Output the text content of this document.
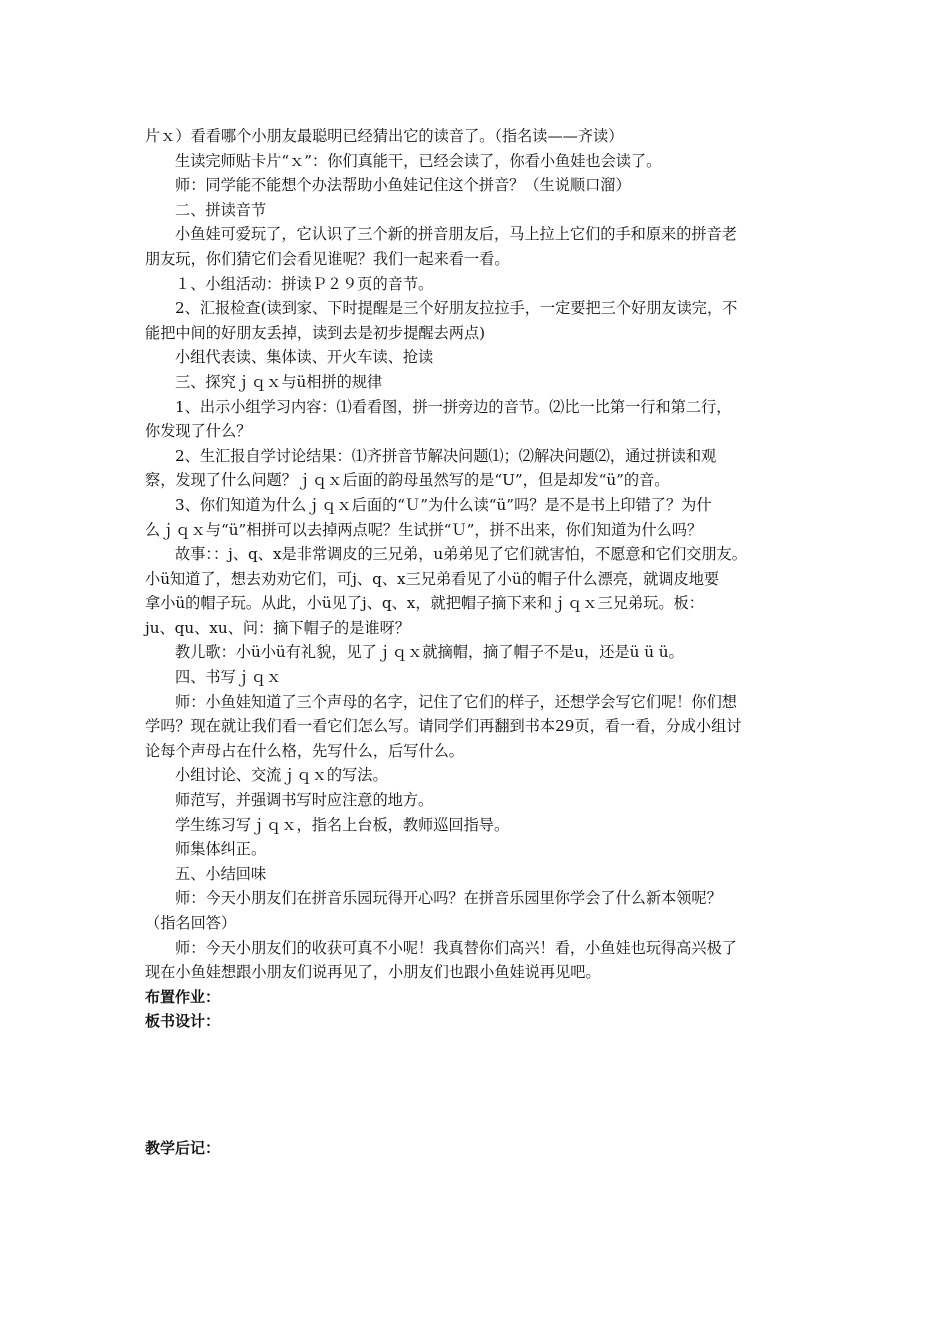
片ｘ）看看哪个小朋友最聪明已经猜出它的读音了。（指名读——齐读）

生读完师贴卡片“ｘ”：你们真能干，已经会读了，你看小鱼娃也会读了。

师：同学能不能想个办法帮助小鱼娃记住这个拼音？（生说顺口溜）

二、拼读音节

小鱼娃可爱玩了，它认识了三个新的拼音朋友后，马上拉上它们的手和原来的拼音老

朋友玩，你们猜它们会看见谁呢？我们一起来看一看。

１、小组活动：拼读Ｐ２９页的音节。

2、汇报检查(读到家、下时提醒是三个好朋友拉拉手，一定要把三个好朋友读完，不

能把中间的好朋友丢掉，读到去是初步提醒去两点)

小组代表读、集体读、开火车读、抢读

三、探究ｊｑｘ与ü相拼的规律

1、出示小组学习内容：⑴看看图，拼一拼旁边的音节。⑵比一比第一行和第二行，

你发现了什么？

2、生汇报自学讨论结果：⑴齐拼音节解决问题⑴；⑵解决问题⑵，通过拼读和观

察，发现了什么问题？ｊｑｘ后面的韵母虽然写的是“U”，但是却发“ü”的音。

3、你们知道为什么ｊｑｘ后面的“Ｕ”为什么读“ü”吗？是不是书上印错了？为什

么ｊｑｘ与“ü”相拼可以去掉两点呢？生试拼“Ｕ”，拼不出来，你们知道为什么吗？

故事：：j、q、x是非常调皮的三兄弟，u弟弟见了它们就害怕，不愿意和它们交朋友。

小ü知道了，想去劝劝它们，可j、q、x三兄弟看见了小ü的帽子什么漂亮，就调皮地要

拿小ü的帽子玩。从此，小ü见了j、q、x，就把帽子摘下来和ｊｑｘ三兄弟玩。板：

ju、qu、xu、问：摘下帽子的是谁呀？

教儿歌：小ü小ü有礼貌，见了ｊｑｘ就摘帽，摘了帽子不是u，还是ü ü ü。

四、书写ｊｑｘ

师：小鱼娃知道了三个声母的名字，记住了它们的样子，还想学会写它们呢！你们想

学吗？现在就让我们看一看它们怎么写。请同学们再翻到书本29页，看一看，分成小组讨

论每个声母占在什么格，先写什么，后写什么。

小组讨论、交流ｊｑｘ的写法。

师范写，并强调书写时应注意的地方。

学生练习写ｊｑｘ，指名上台板，教师巡回指导。

师集体纠正。

五、小结回味

师：今天小朋友们在拼音乐园玩得开心吗？在拼音乐园里你学会了什么新本领呢？

（指名回答）

师：今天小朋友们的收获可真不小呢！我真替你们高兴！看，小鱼娃也玩得高兴极了

现在小鱼娃想跟小朋友们说再见了，小朋友们也跟小鱼娃说再见吧。

布置作业：

板书设计：

教学后记：
